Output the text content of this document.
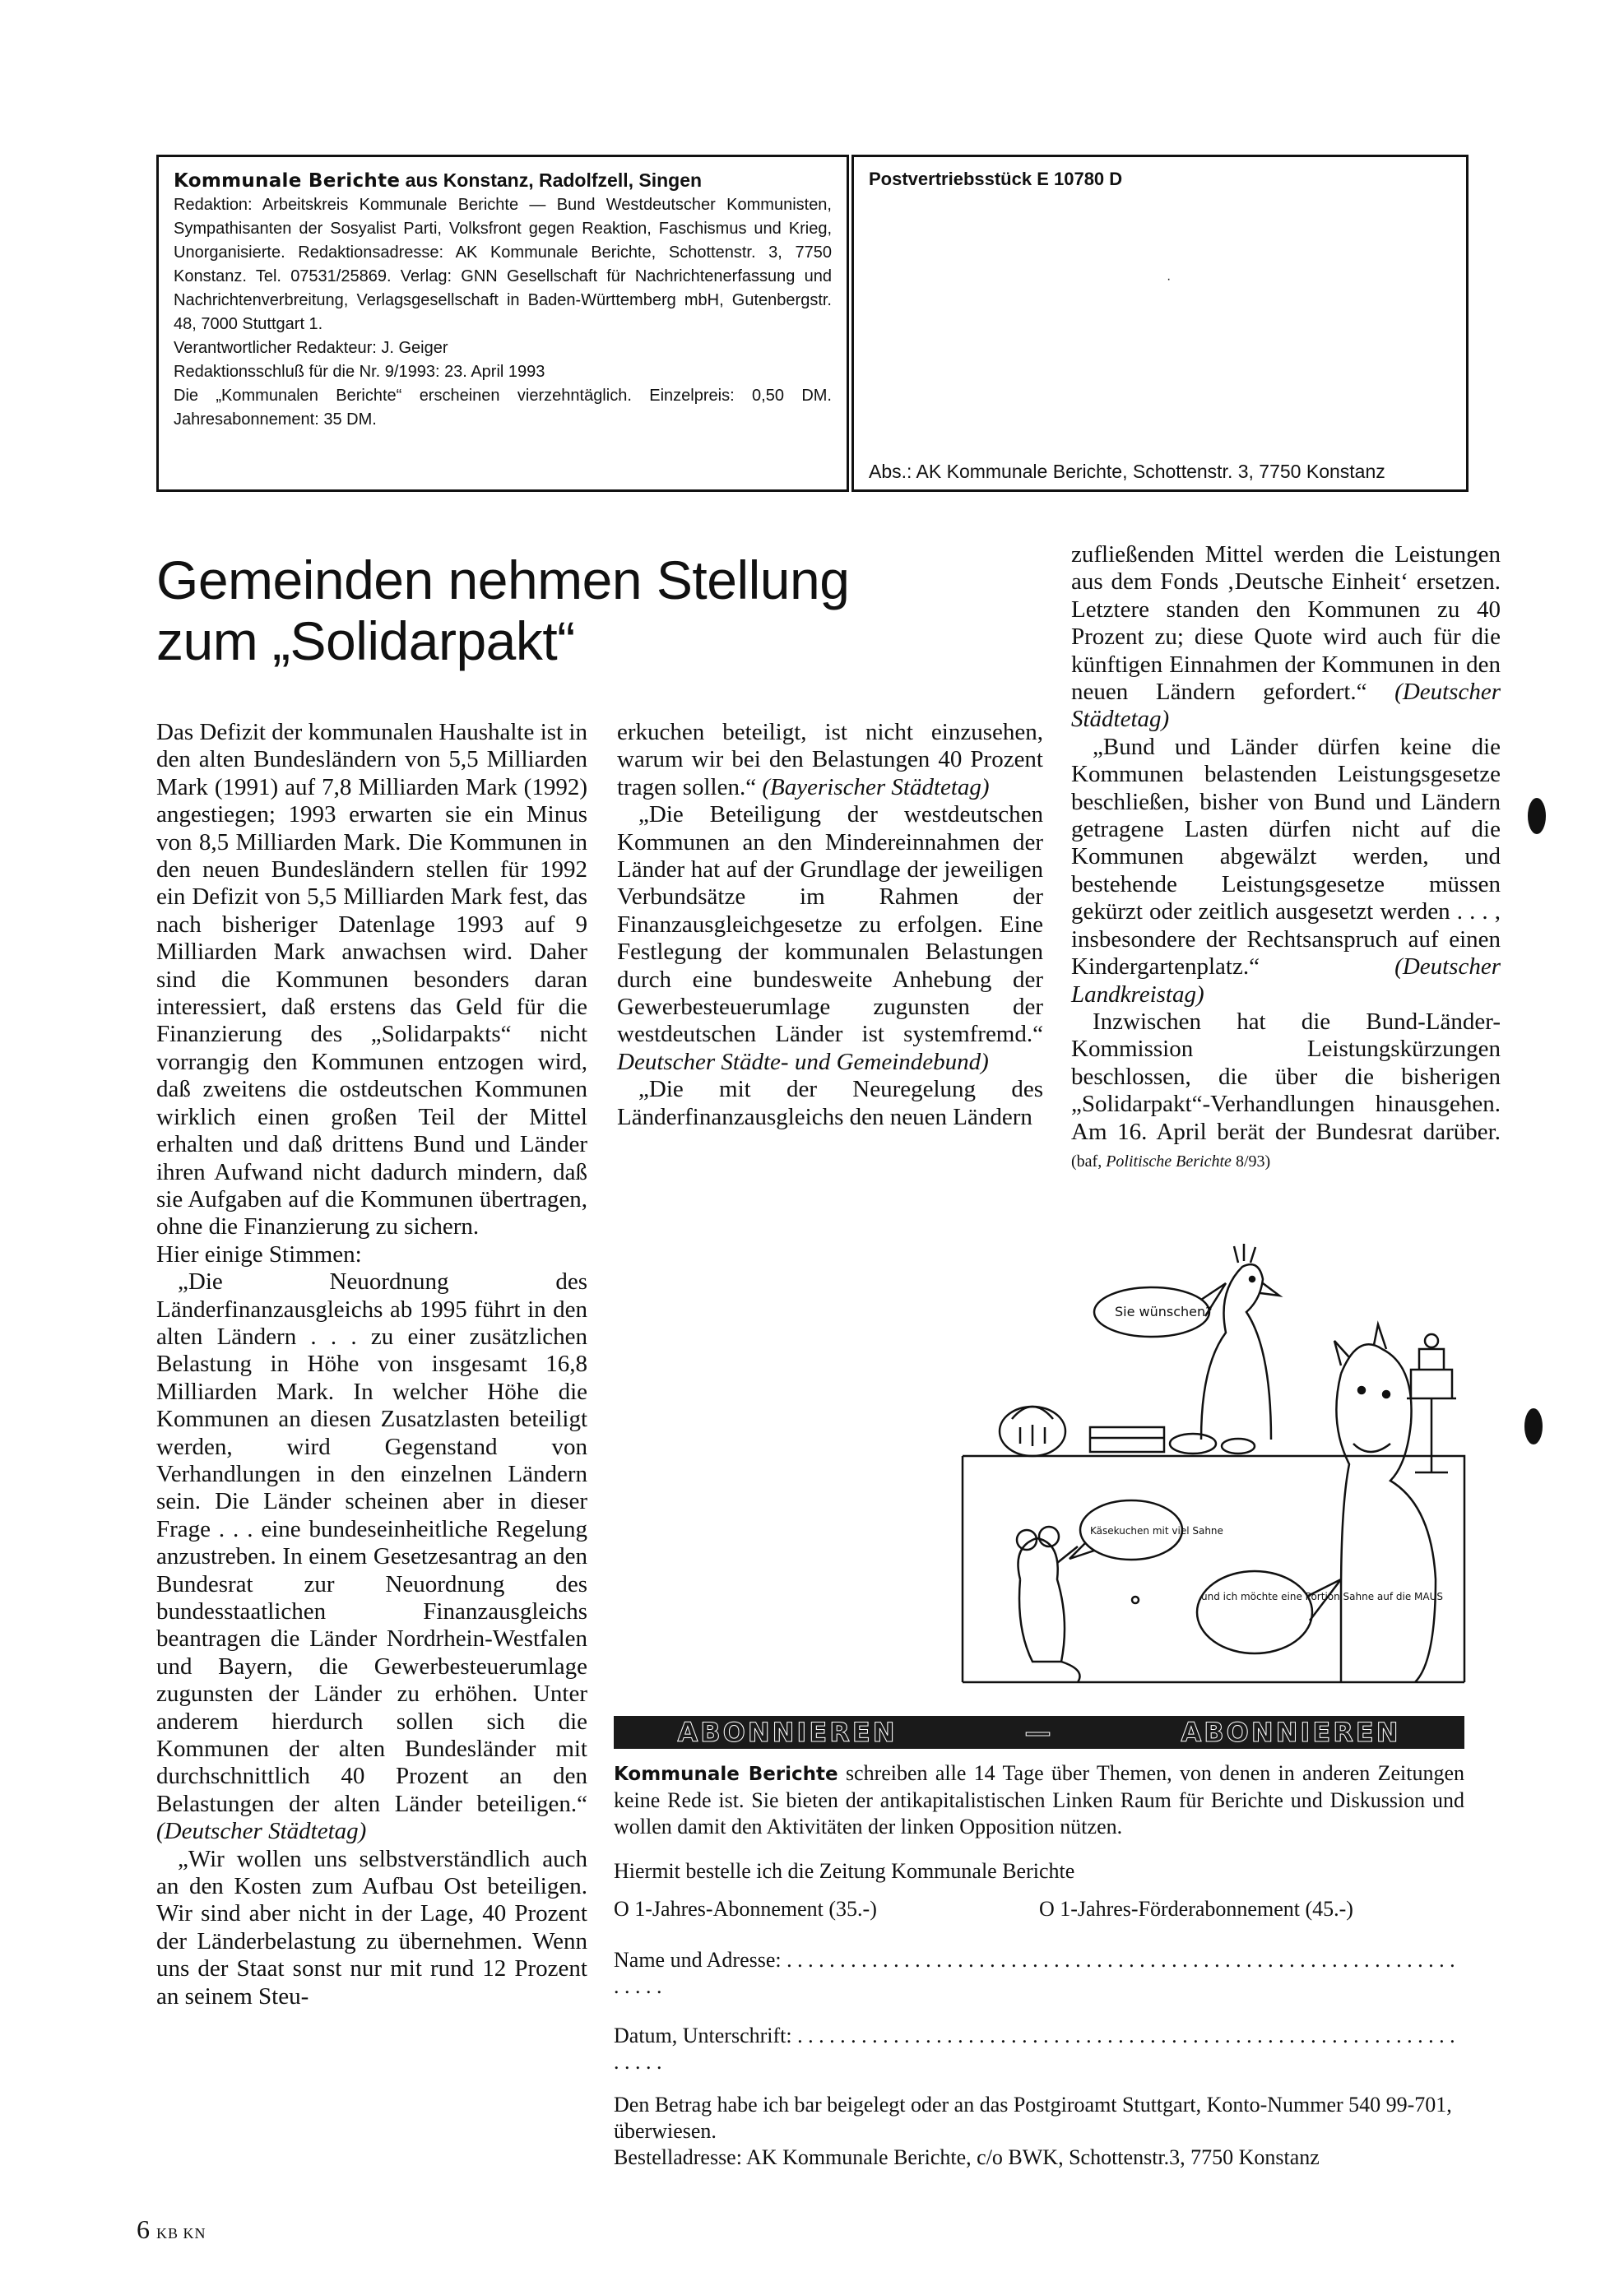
Kommunale Berichte aus Konstanz, Radolfzell, Singen
Redaktion: Arbeitskreis Kommunale Berichte — Bund Westdeutscher Kommunisten, Sympathisanten der Sosyalist Parti, Volksfront gegen Reaktion, Faschismus und Krieg, Unorganisierte. Redaktionsadresse: AK Kommunale Berichte, Schottenstr. 3, 7750 Konstanz. Tel. 07531/25869. Verlag: GNN Gesellschaft für Nachrichtenerfassung und Nachrichtenverbreitung, Verlagsgesellschaft in Baden-Württemberg mbH, Gutenbergstr. 48, 7000 Stuttgart 1.
Verantwortlicher Redakteur: J. Geiger
Redaktionsschluß für die Nr. 9/1993: 23. April 1993
Die „Kommunalen Berichte“ erscheinen vierzehntäglich. Einzelpreis: 0,50 DM. Jahresabonnement: 35 DM.
Postvertriebsstück E 10780 D
·
Abs.: AK Kommunale Berichte, Schottenstr. 3, 7750 Konstanz
Gemeinden nehmen Stellung
zum „Solidarpakt“

Das Defizit der kommunalen Haushalte ist in den alten Bundesländern von 5,5 Milliarden Mark (1991) auf 7,8 Milliarden Mark (1992) angestiegen; 1993 erwarten sie ein Minus von 8,5 Milliarden Mark. Die Kommunen in den neuen Bundesländern stellen für 1992 ein Defizit von 5,5 Milliarden Mark fest, das nach bisheriger Datenlage 1993 auf 9 Milliarden Mark anwachsen wird. Daher sind die Kommunen besonders daran interessiert, daß erstens das Geld für die Finanzierung des „Solidarpakts“ nicht vorrangig den Kommunen entzogen wird, daß zweitens die ostdeutschen Kommunen wirklich einen großen Teil der Mittel erhalten und daß drittens Bund und Länder ihren Aufwand nicht dadurch mindern, daß sie Aufgaben auf die Kommunen übertragen, ohne die Finanzierung zu sichern.

Hier einige Stimmen:

„Die Neuordnung des Länderfinanzausgleichs ab 1995 führt in den alten Ländern . . . zu einer zusätzlichen Belastung in Höhe von insgesamt 16,8 Milliarden Mark. In welcher Höhe die Kommunen an diesen Zusatzlasten beteiligt werden, wird Gegenstand von Verhandlungen in den einzelnen Ländern sein. Die Länder scheinen aber in dieser Frage . . . eine bundeseinheitliche Regelung anzustreben. In einem Gesetzesantrag an den Bundesrat zur Neuordnung des bundesstaatlichen Finanzausgleichs beantragen die Länder Nordrhein-Westfalen und Bayern, die Gewerbesteuerumlage zugunsten der Länder zu erhöhen. Unter anderem hierdurch sollen sich die Kommunen der alten Bundesländer mit durchschnittlich 40 Prozent an den Belastungen der alten Länder beteiligen.“ (Deutscher Städtetag)

„Wir wollen uns selbstverständlich auch an den Kosten zum Aufbau Ost beteiligen. Wir sind aber nicht in der Lage, 40 Prozent der Länderbelastung zu übernehmen. Wenn uns der Staat sonst nur mit rund 12 Prozent an seinem Steu-

erkuchen beteiligt, ist nicht einzusehen, warum wir bei den Belastungen 40 Prozent tragen sollen.“ (Bayerischer Städtetag)

„Die Beteiligung der westdeutschen Kommunen an den Mindereinnahmen der Länder hat auf der Grundlage der jeweiligen Verbundsätze im Rahmen der Finanzausgleichgesetze zu erfolgen. Eine Festlegung der kommunalen Belastungen durch eine bundesweite Anhebung der Gewerbesteuerumlage zugunsten der westdeutschen Länder ist systemfremd.“ Deutscher Städte- und Gemeindebund)

„Die mit der Neuregelung des Länderfinanzausgleichs den neuen Ländern

zufließenden Mittel werden die Leistungen aus dem Fonds ‚Deutsche Einheit‘ ersetzen. Letztere standen den Kommunen zu 40 Prozent zu; diese Quote wird auch für die künftigen Einnahmen der Kommunen in den neuen Ländern gefordert.“ (Deutscher Städtetag)

„Bund und Länder dürfen keine die Kommunen belastenden Leistungsgesetze beschließen, bisher von Bund und Ländern getragene Lasten dürfen nicht auf die Kommunen abgewälzt werden, und bestehende Leistungsgesetze müssen gekürzt oder zeitlich ausgesetzt werden . . . , insbesondere der Rechtsanspruch auf einen Kindergartenplatz.“	(Deutscher Landkreistag)

Inzwischen hat die Bund-Länder-Kommission Leistungskürzungen beschlossen, die über die bisherigen „Solidarpakt“-Verhandlungen hinausgehen. Am 16. April berät der Bundesrat darüber. (baf, Politische Berichte 8/93)

Sie wünschen?
und ich möchte eine Portion Sahne auf die MAUS
Käsekuchen mit viel Sahne
ABONNIEREN	—	ABONNIEREN

Kommunale Berichte schreiben alle 14 Tage über Themen, von denen in anderen Zeitungen keine Rede ist. Sie bieten der antikapitalistischen Linken Raum für Berichte und Diskussion und wollen damit den Aktivitäten der linken Opposition nützen.

Hiermit bestelle ich die Zeitung Kommunale Berichte

O 1-Jahres-Abonnement (35.-)	O 1-Jahres-Förderabonnement (45.-)

Name und Adresse: . . . . . . . . . . . . . . . . . . . . . . . . . . . . . . . . . . . . . . . . . . . . . . . . . . . . . . . . . . . . . . . . . . . .

Datum, Unterschrift: . . . . . . . . . . . . . . . . . . . . . . . . . . . . . . . . . . . . . . . . . . . . . . . . . . . . . . . . . . . . . . . . . . .

Den Betrag habe ich bar beigelegt oder an das Postgiroamt Stuttgart, Konto-Nummer 540 99-701, überwiesen.

Bestelladresse: AK Kommunale Berichte, c/o BWK, Schottenstr.3, 7750 Konstanz

6 KB KN
